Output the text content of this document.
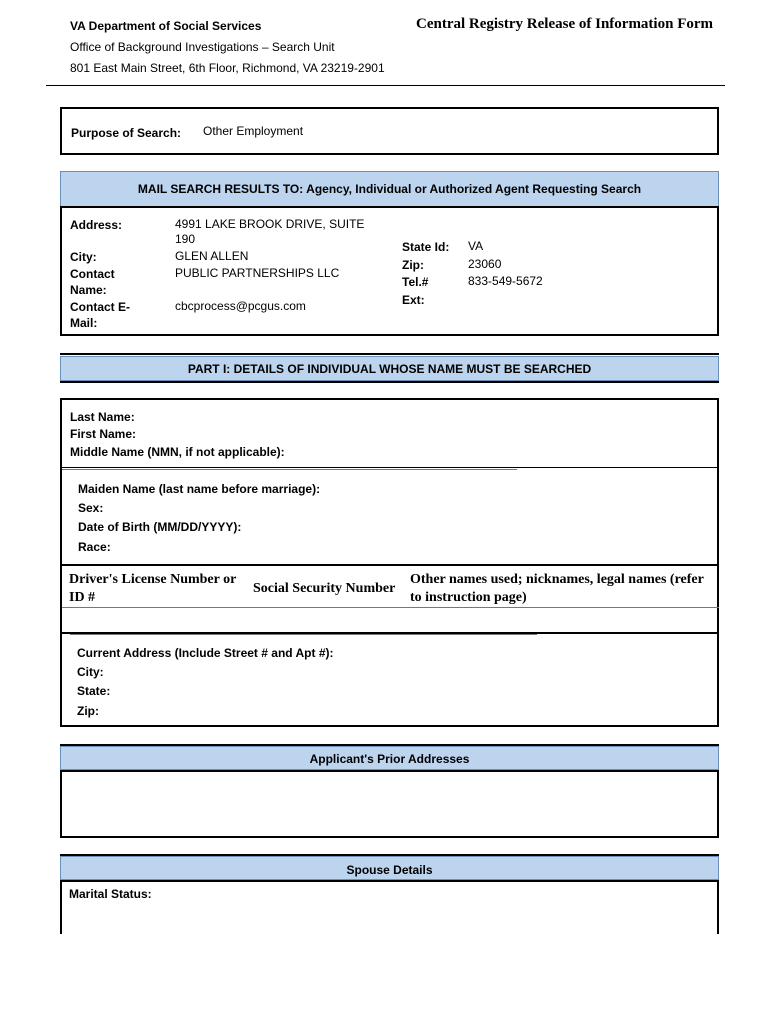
VA Department of Social Services
Office of Background Investigations – Search Unit
801 East Main Street, 6th Floor, Richmond, VA 23219-2901
Central Registry Release of Information Form
Purpose of Search: Other Employment
MAIL SEARCH RESULTS TO: Agency, Individual or Authorized Agent Requesting Search
Address:	4991 LAKE BROOK DRIVE, SUITE 190
City:	GLEN ALLEN
Contact Name:
PUBLIC PARTNERSHIPS LLC
Contact E-Mail:
cbcprocess@pcgus.com
State Id: VA
Zip:	23060
Tel.#	833-549-5672
Ext:
PART I: DETAILS OF INDIVIDUAL WHOSE NAME MUST BE SEARCHED
Last Name:
First Name:
Middle Name (NMN, if not applicable):
Maiden Name (last name before marriage):
Sex:
Date of Birth (MM/DD/YYYY):
Race:
Driver's License Number or ID #
Social Security Number
Other names used; nicknames, legal names (refer to instruction page)
Current Address (Include Street # and Apt #):
City:
State:
Zip:
Applicant's Prior Addresses
Spouse Details
Marital Status:
